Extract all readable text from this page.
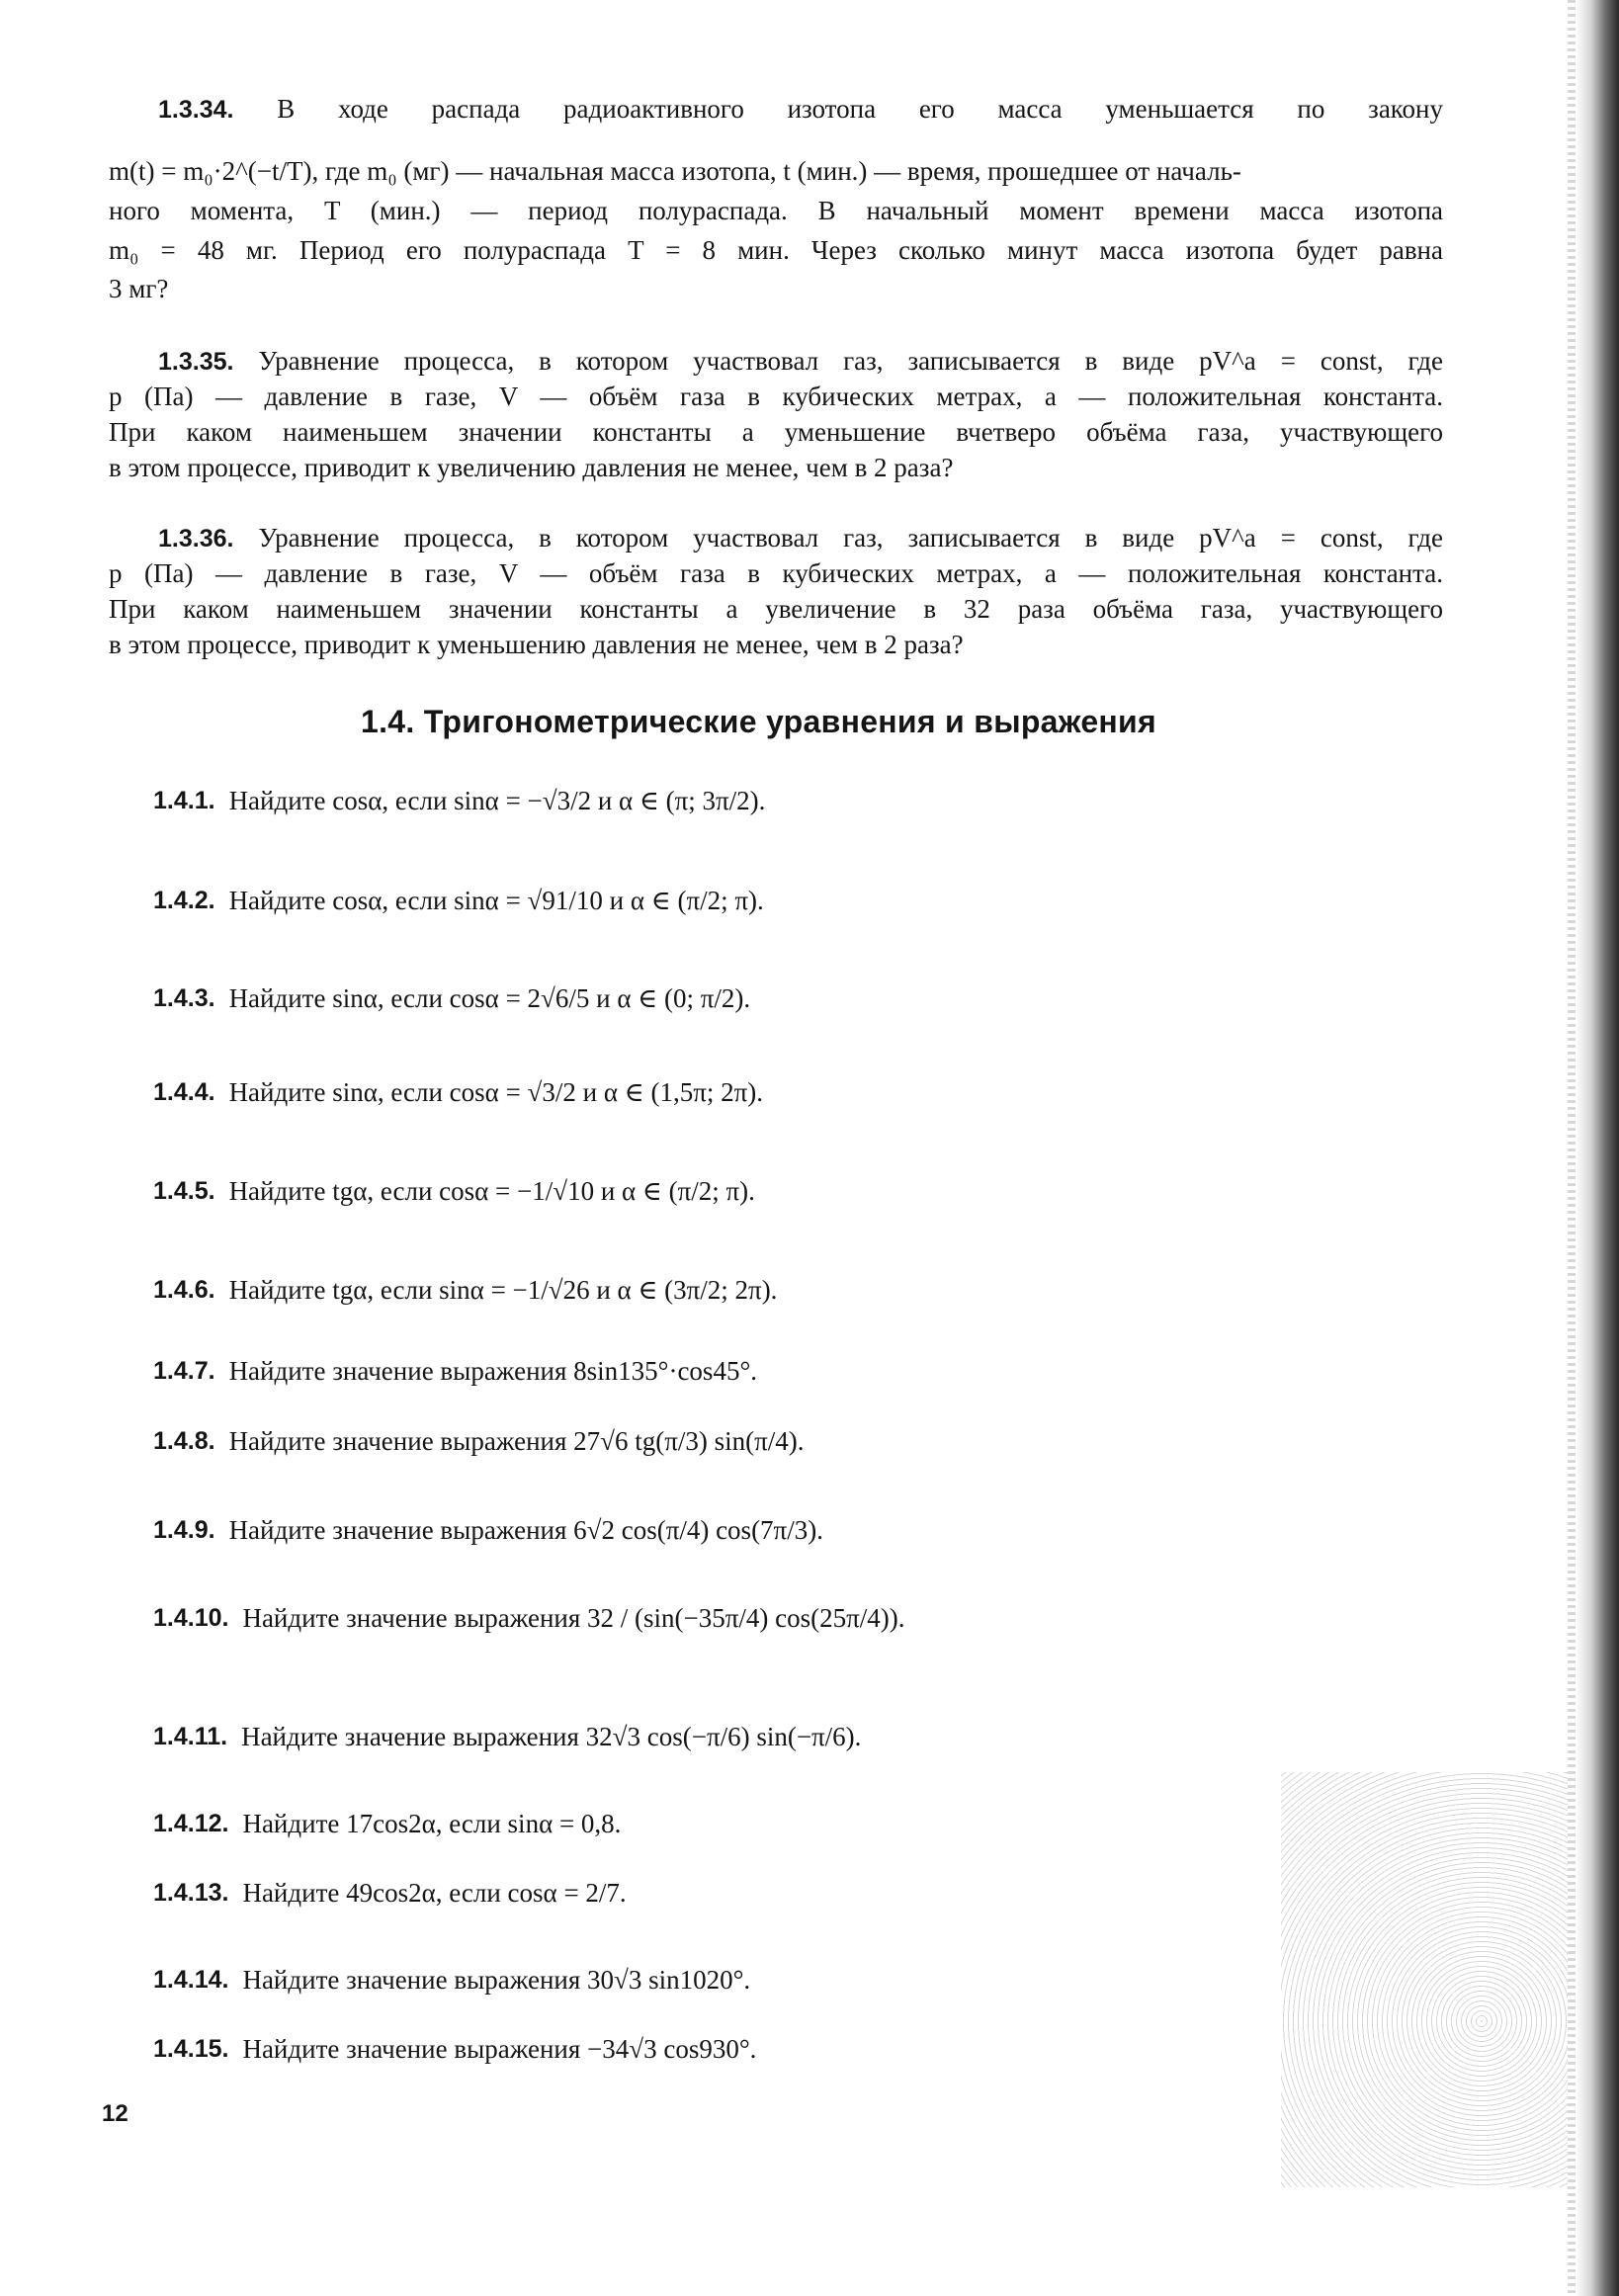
1.3.34. В ходе распада радиоактивного изотопа его масса уменьшается по закону
m(t) = m₀·2^(−t/T), где m₀ (мг) — начальная масса изотопа, t (мин.) — время, прошедшее от началь-
ного момента, T (мин.) — период полураспада. В начальный момент времени масса изотопа
m₀ = 48 мг. Период его полураспада T = 8 мин. Через сколько минут масса изотопа будет равна
3 мг?
1.3.35. Уравнение процесса, в котором участвовал газ, записывается в виде pV^a = const, где
p (Па) — давление в газе, V — объём газа в кубических метрах, a — положительная константа.
При каком наименьшем значении константы a уменьшение вчетверо объёма газа, участвующего
в этом процессе, приводит к увеличению давления не менее, чем в 2 раза?
1.3.36. Уравнение процесса, в котором участвовал газ, записывается в виде pV^a = const, где
p (Па) — давление в газе, V — объём газа в кубических метрах, a — положительная константа.
При каком наименьшем значении константы a увеличение в 32 раза объёма газа, участвующего
в этом процессе, приводит к уменьшению давления не менее, чем в 2 раза?
1.4. Тригонометрические уравнения и выражения
1.4.1. Найдите cosα, если sinα = −√3/2 и α ∈ (π; 3π/2).
1.4.2. Найдите cosα, если sinα = √91/10 и α ∈ (π/2; π).
1.4.3. Найдите sinα, если cosα = 2√6/5 и α ∈ (0; π/2).
1.4.4. Найдите sinα, если cosα = √3/2 и α ∈ (1,5π; 2π).
1.4.5. Найдите tgα, если cosα = −1/√10 и α ∈ (π/2; π).
1.4.6. Найдите tgα, если sinα = −1/√26 и α ∈ (3π/2; 2π).
1.4.7. Найдите значение выражения 8sin135°·cos45°.
1.4.8. Найдите значение выражения 27√6 tg(π/3) sin(π/4).
1.4.9. Найдите значение выражения 6√2 cos(π/4) cos(7π/3).
1.4.10. Найдите значение выражения 32 / (sin(−35π/4) cos(25π/4)).
1.4.11. Найдите значение выражения 32√3 cos(−π/6) sin(−π/6).
1.4.12. Найдите 17cos2α, если sinα = 0,8.
1.4.13. Найдите 49cos2α, если cosα = 2/7.
1.4.14. Найдите значение выражения 30√3 sin1020°.
1.4.15. Найдите значение выражения −34√3 cos930°.
12
